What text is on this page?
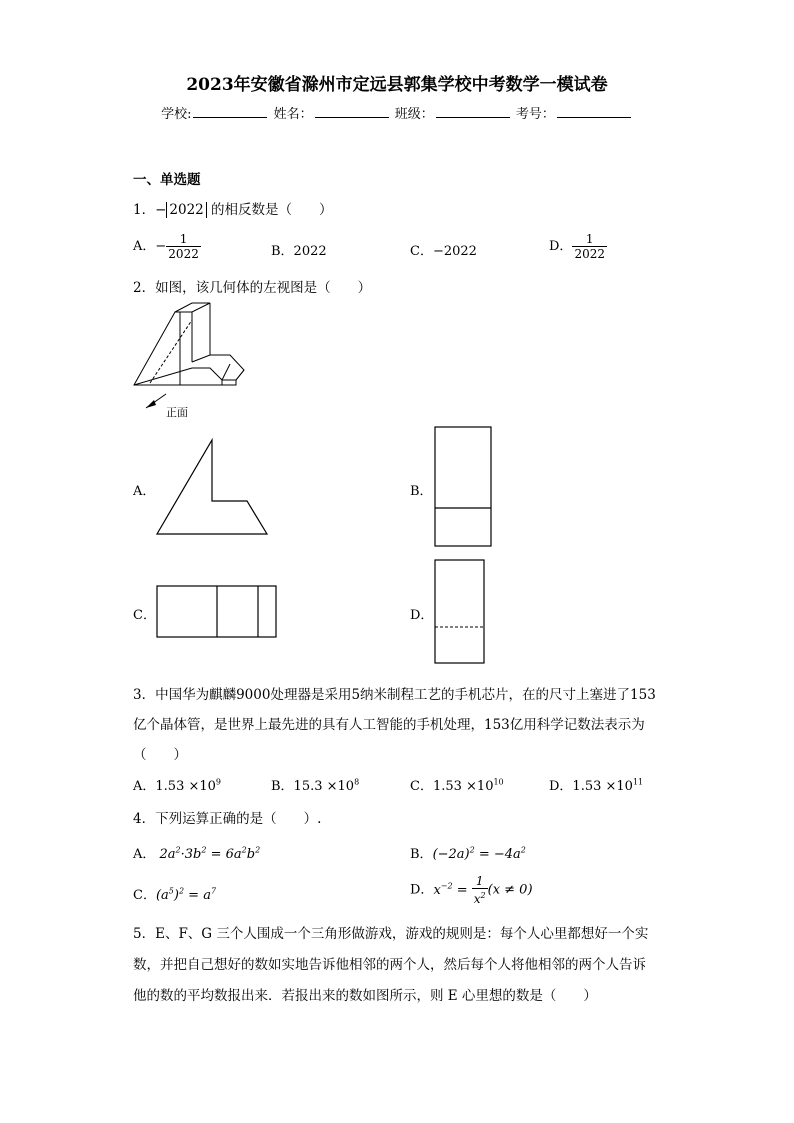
2023年安徽省滁州市定远县郭集学校中考数学一模试卷
学校:	姓名：	班级：	考号：
一、单选题
1．− 2022 的相反数是（　　）
A．− $\frac{1}{2022}$	B．2022	C．−2022	D． $\frac{1}{2022}$
2．如图，该几何体的左视图是（　　）
正面
A．	B．
C．	D．
3．中国华为麒麟9000处理器是采用5纳米制程工艺的手机芯片，在的尺寸上塞进了153
亿个晶体管，是世界上最先进的具有人工智能的手机处理，153亿用科学记数法表示为
（　　）
A．$1.53 \times 10^9$	B．$15.3 \times 10^8$	C．$1.53 \times 10^{10}$	D．$1.53 \times 10^{11}$
4．下列运算正确的是（　　）.
A． $2a^2\cdot 3b^2 = 6a^2b^2$	B．$(-2a)^2 = -4a^2$
C．$(a^5)^2 = a^7$	D．$x^{-2} = \frac{1}{x^2} (x \ne 0)$
5．E、F、G 三个人围成一个三角形做游戏，游戏的规则是：每个人心里都想好一个实
数，并把自己想好的数如实地告诉他相邻的两个人，然后每个人将他相邻的两个人告诉
他的数的平均数报出来．若报出来的数如图所示，则 E 心里想的数是（　　）
